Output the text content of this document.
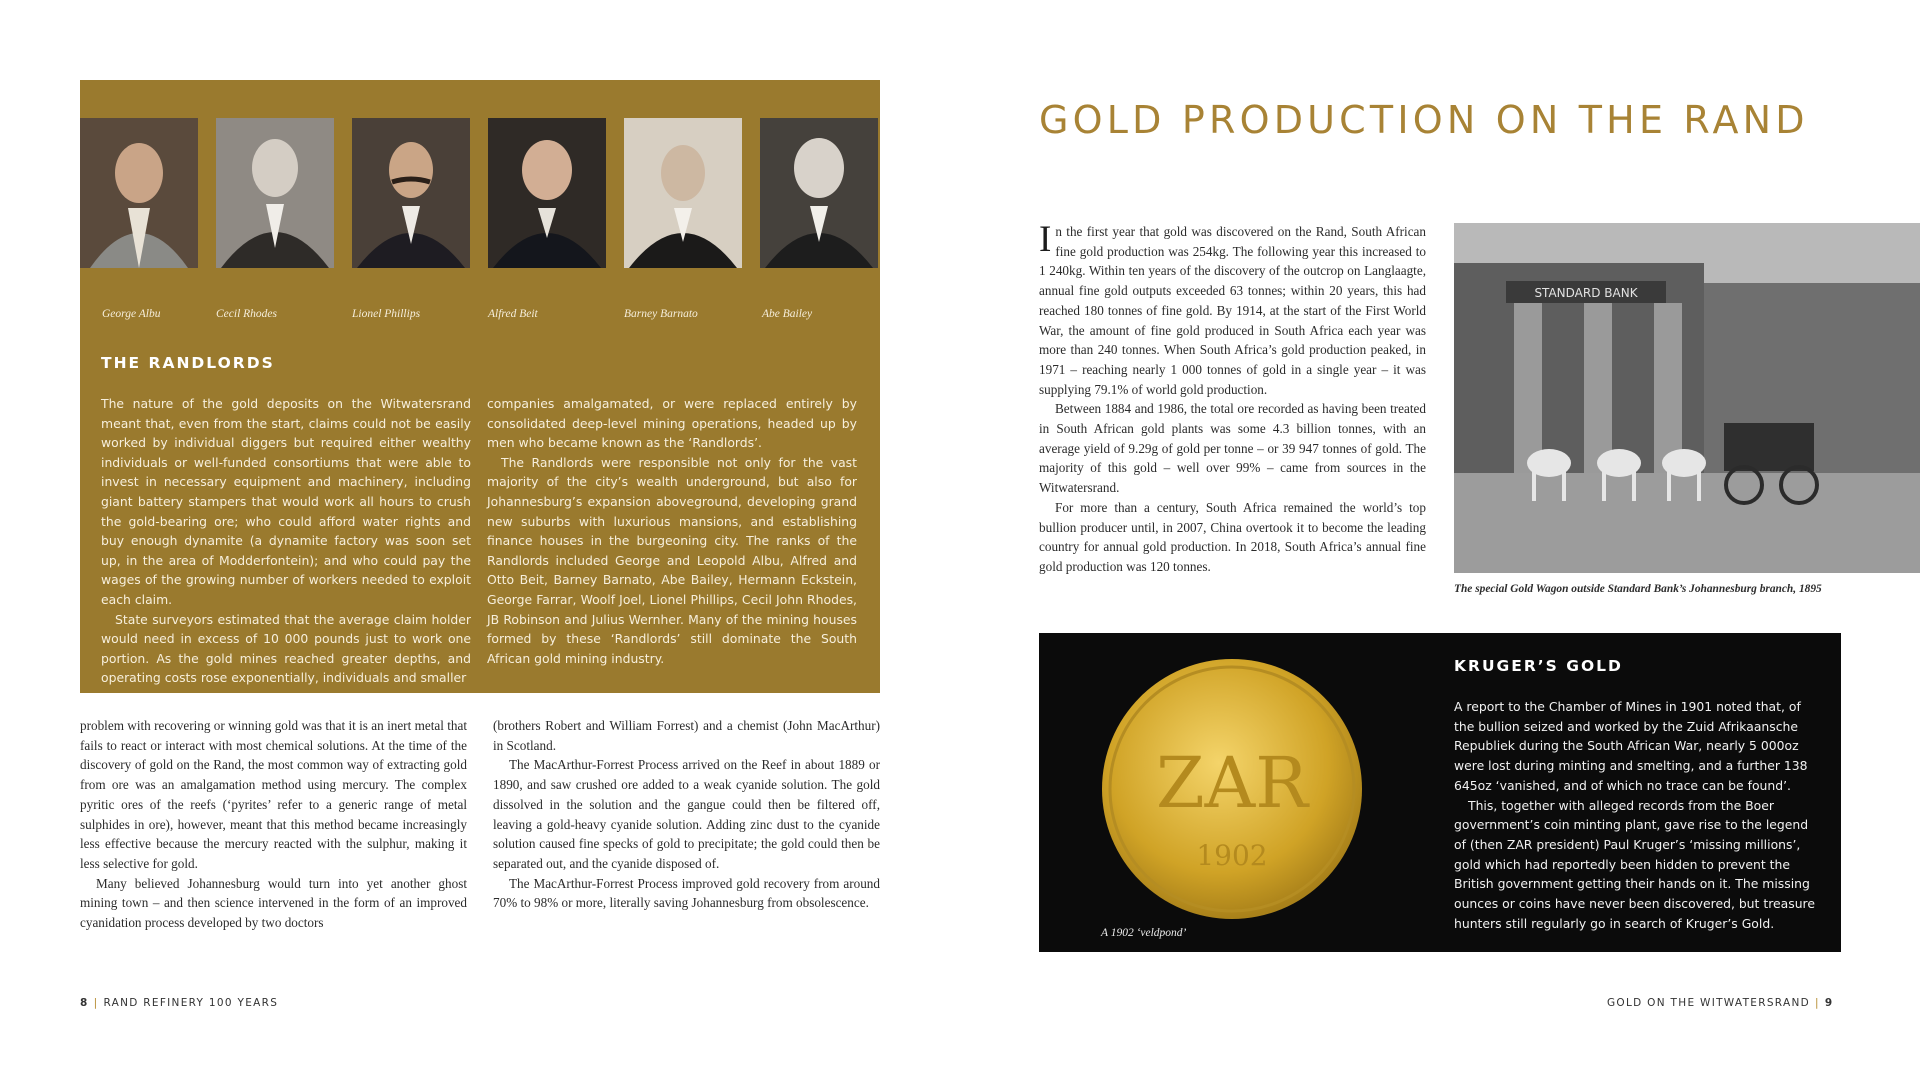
George Albu	Cecil Rhodes	Lionel Phillips	Alfred Beit	Barney Barnato	Abe Bailey
THE RANDLORDS

The nature of the gold deposits on the Witwatersrand meant that, even from the start, claims could not be easily worked by individual diggers but required either wealthy individuals or well-funded consortiums that were able to invest in necessary equipment and machinery, including giant battery stampers that would work all hours to crush the gold-bearing ore; who could afford water rights and buy enough dynamite (a dynamite factory was soon set up, in the area of Modderfontein); and who could pay the wages of the growing number of workers needed to exploit each claim.

State surveyors estimated that the average claim holder would need in excess of 10 000 pounds just to work one portion. As the gold mines reached greater depths, and operating costs rose exponentially, individuals and smaller

companies amalgamated, or were replaced entirely by consolidated deep-level mining operations, headed up by men who became known as the ‘Randlords’.

The Randlords were responsible not only for the vast majority of the city’s wealth underground, but also for Johannesburg’s expansion aboveground, developing grand new suburbs with luxurious mansions, and establishing finance houses in the burgeoning city. The ranks of the Randlords included George and Leopold Albu, Alfred and Otto Beit, Barney Barnato, Abe Bailey, Hermann Eckstein, George Farrar, Woolf Joel, Lionel Phillips, Cecil John Rhodes, JB Robinson and Julius Wernher. Many of the mining houses formed by these ‘Randlords’ still dominate the South African gold mining industry.

problem with recovering or winning gold was that it is an inert metal that fails to react or interact with most chemical solutions. At the time of the discovery of gold on the Rand, the most common way of extracting gold from ore was an amalgamation method using mercury. The complex pyritic ores of the reefs (‘pyrites’ refer to a generic range of metal sulphides in ore), however, meant that this method became increasingly less effective because the mercury reacted with the sulphur, making it less selective for gold.

Many believed Johannesburg would turn into yet another ghost mining town – and then science intervened in the form of an improved cyanidation process developed by two doctors

(brothers Robert and William Forrest) and a chemist (John MacArthur) in Scotland.

The MacArthur-Forrest Process arrived on the Reef in about 1889 or 1890, and saw crushed ore added to a weak cyanide solution. The gold dissolved in the solution and the gangue could then be filtered off, leaving a gold-heavy cyanide solution. Adding zinc dust to the cyanide solution caused fine specks of gold to precipitate; the gold could then be separated out, and the cyanide disposed of.

The MacArthur-Forrest Process improved gold recovery from around 70% to 98% or more, literally saving Johannesburg from obsolescence.

8 | RAND REFINERY 100 YEARS
GOLD PRODUCTION ON THE RAND

In the first year that gold was discovered on the Rand, South African fine gold production was 254kg. The following year this increased to 1 240kg. Within ten years of the discovery of the outcrop on Langlaagte, annual fine gold outputs exceeded 63 tonnes; within 20 years, this had reached 180 tonnes of fine gold. By 1914, at the start of the First World War, the amount of fine gold produced in South Africa each year was more than 240 tonnes. When South Africa’s gold production peaked, in 1971 – reaching nearly 1 000 tonnes of gold in a single year – it was supplying 79.1% of world gold production.

Between 1884 and 1986, the total ore recorded as having been treated in South African gold plants was some 4.3 billion tonnes, with an average yield of 9.29g of gold per tonne – or 39 947 tonnes of gold. The majority of this gold – well over 99% – came from sources in the Witwatersrand.

For more than a century, South Africa remained the world’s top bullion producer until, in 2007, China overtook it to become the leading country for annual gold production. In 2018, South Africa’s annual fine gold production was 120 tonnes.

STANDARD BANK

The special Gold Wagon outside Standard Bank’s Johannesburg branch, 1895

ZAR
1902
A 1902 ‘veldpond’
KRUGER’S GOLD

A report to the Chamber of Mines in 1901 noted that, of the bullion seized and worked by the Zuid Afrikaansche Republiek during the South African War, nearly 5 000oz were lost during minting and smelting, and a further 138 645oz ‘vanished, and of which no trace can be found’.

This, together with alleged records from the Boer government’s coin minting plant, gave rise to the legend of (then ZAR president) Paul Kruger’s ‘missing millions’, gold which had reportedly been hidden to prevent the British government getting their hands on it. The missing ounces or coins have never been discovered, but treasure hunters still regularly go in search of Kruger’s Gold.

GOLD ON THE WITWATERSRAND | 9
